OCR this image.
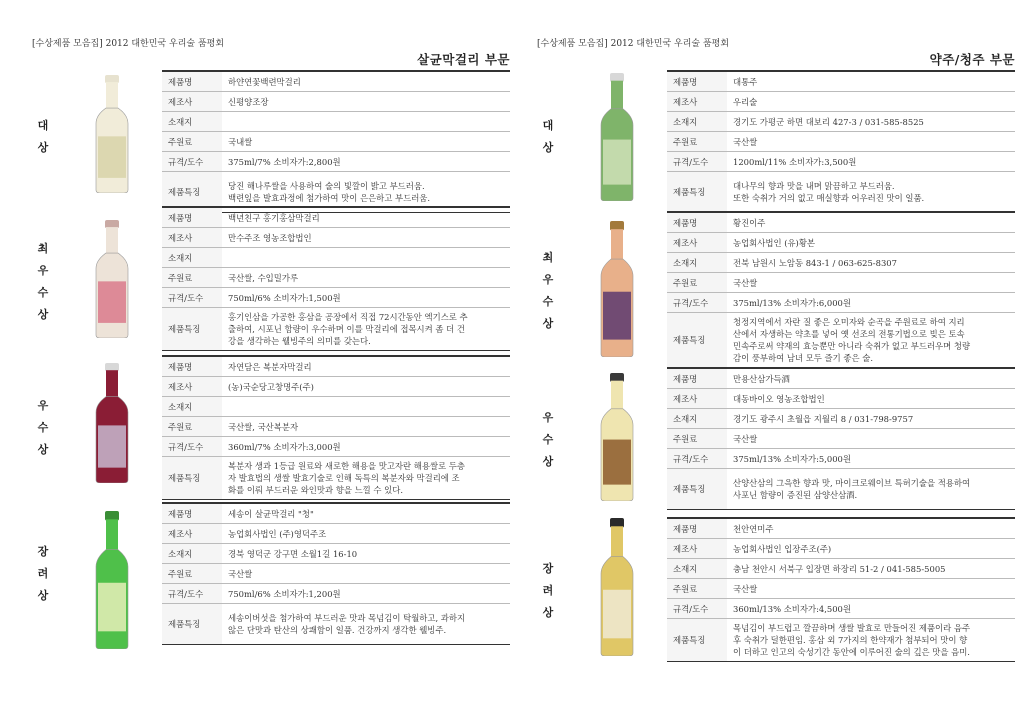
[수상제품 모음집] 2012 대한민국 우리술 품평회
살균막걸리 부문
대
상
최
우
수
상
우
수
상
장
려
상
제품명	하얀연꽃백련막걸리
제조사	신평양조장
소재지	
주원료	국내쌀
규격/도수	375ml/7% 소비자가:2,800원
제품특징	당진 해나루쌀을 사용하여 술의 빛깔이 밝고 부드러움.
백련잎을 발효과정에 첨가하여 맛이 은은하고 부드러움.
제품명	백년친구 홍기홍삼막걸리
제조사	만수주조 영농조합법인
소재지	
주원료	국산쌀, 수입밀가루
규격/도수	750ml/6% 소비자가:1,500원
제품특징	홍기인삼을 가공한 홍삼을 공장에서 직접 72시간동안 엑기스로 추
출하여, 시포닌 함량이 우수하며 이를 막걸리에 접목시켜 좀 더 건
강을 생각하는 웰빙주의 의미를 갖는다.
제품명	자연담은 복분자막걸리
제조사	(농)국순당고창명주(주)
소재지	
주원료	국산쌀, 국산복분자
규격/도수	360ml/7% 소비자가:3,000원
제품특징	복분자 생과 1등급 원료와 새로한 해용을 맛고자란 해용쌀로 두층
자 발효법의 생쌀 발효기술로 인해 독특의 복분자와 막걸리에 조
화를 이뤄 부드러운 와인맛과 향을 느낄 수 있다.
제품명	세송이 살균막걸리 "청"
제조사	농업회사법인 (주)영덕주조
소재지	경북 영덕군 강구면 소월1길 16-10
주원료	국산쌀
규격/도수	750ml/6% 소비자가:1,200원
제품특징	세송이버섯을 첨가하여 부드러운 맛과 목넘김이 탁월하고, 과하지
않은 단맛과 탄산의 상쾌함이 일품. 건강까지 생각한 웰빙주.
[수상제품 모음집] 2012 대한민국 우리술 품평회
약주/청주 부문
대
상
최
우
수
상
우
수
상
장
려
상
제품명	대통주
제조사	우리술
소재지	경기도 가평군 하면 대보리 427-3 / 031-585-8525
주원료	국산쌀
규격/도수	1200ml/11% 소비자가:3,500원
제품특징	대나무의 향과 맛을 내며 맑끔하고 부드러움.
또한 숙취가 거의 없고 매실향과 어우러진 맛이 일품.
제품명	황진이주
제조사	농업회사법인 (유)황본
소재지	전북 남원시 노암동 843-1 / 063-625-8307
주원료	국산쌀
규격/도수	375ml/13% 소비자가:6,000원
제품특징	청정지역에서 자란 질 좋은 오미자와 순곡을 주원료로 하여 지리
산에서 자생하는 약초를 넣어 옛 선조의 전통기법으로 빚은 토속
민속주로써 약재의 효능뿐만 아니라 숙취가 없고 부드러우며 청량
감이 풍부하여 남녀 모두 즐기 좋은 술.
제품명	만용산삼가득酒
제조사	대동바이오 영농조합법인
소재지	경기도 광주시 초월읍 지월리 8 / 031-798-9757
주원료	국산쌀
규격/도수	375ml/13% 소비자가:5,000원
제품특징	산양산삼의 그윽한 향과 맛, 마이크로웨이브 특허기술을 적용하여
사포닌 함량이 증진된 삼양산삼酒.
제품명	천안연미주
제조사	농업회사법인 입장주조(주)
소재지	충남 천안시 서북구 입장면 하장리 51-2 / 041-585-5005
주원료	국산쌀
규격/도수	360ml/13% 소비자가:4,500원
제품특징	목넘김이 부드럽고 깔끔하며 생쌀 발효로 만들어진 제품이라 음주
후 숙취가 덜한편임. 홍삼 외 7가지의 한약재가 첨부되어 맛이 향
이 더하고 인고의 숙성기간 동안에 이루어진 술의 깊은 맛을 음미.
